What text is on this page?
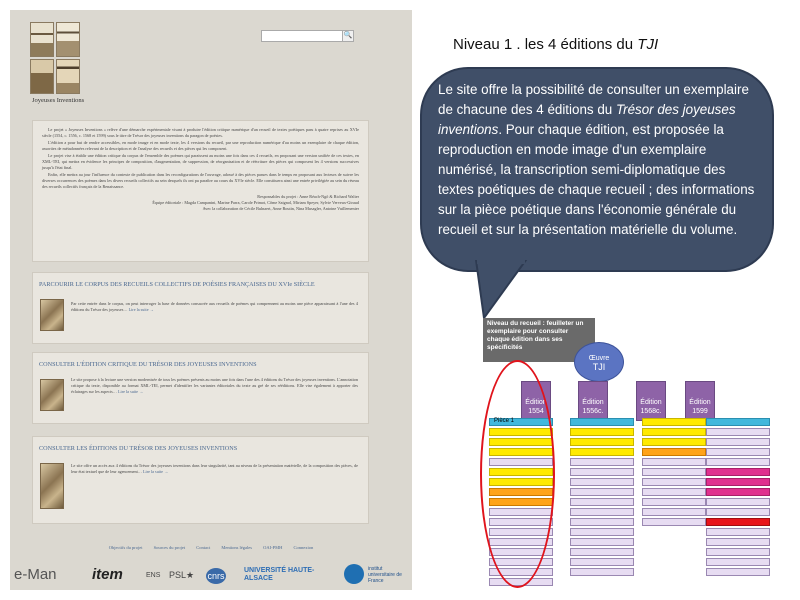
Joyeuses Inventions
🔍

Le projet « Joyeuses Inventions » relève d'une démarche expérimentale visant à produire l'édition critique numérique d'un recueil de textes poétiques paru à quatre reprises au XVIe siècle (1554, c. 1556, c. 1568 et 1599) sous le titre de Trésor des joyeuses inventions du paragon de poésies.

L'édition a pour but de rendre accessibles, en mode image et en mode texte, les 4 versions du recueil, par une reproduction numérique d'au moins un exemplaire de chaque édition, assorties de métadonnées relevant de la description et de l'analyse des recueils et des pièces qui les composent.

Le projet vise à établir une édition critique du corpus de l'ensemble des poèmes qui paraissent au moins une fois dans ces 4 recueils, en proposant une version unifiée de ces textes, en XML-TEI, qui mettra en évidence les principes de composition, d'augmentation, de suppression, de réorganisation et de réécriture des pièces qui composent les 4 versions successives jusqu'à l'état final.

Enfin, elle mettra au jour l'influence du contexte de publication dans les reconfigurations de l'ouvrage, adossé à des pièces parues dans le temps en proposant aux lecteurs de suivre les diverses occurrences des poèmes dans les divers recueils collectifs au sein desquels ils ont pu paraître au cours du XVIe siècle. Elle constituera ainsi une entrée privilégiée au sein du réseau des recueils collectifs français de la Renaissance.

Responsables du projet : Anne Réach-Ngô & Richard Walter
Équipe éditoriale : Magda Campanini, Marine Parra, Carole Primot, Côme Saignol, Miriam Speyer, Sylvie Verveux-Giraud
Avec la collaboration de Cécile Bulnaert, Anne Boutin, Nina Musagler, Antoine Vuillemenier
PARCOURIR LE CORPUS DES RECUEILS COLLECTIFS DE POÉSIES FRANÇAISES DU XVIe SIÈCLE
Par cette entrée dans le corpus, on peut interroger la base de données consacrée aux recueils de poèmes qui comprennent au moins une pièce apparaissant à l'une des 4 éditions du Trésor des joyeuses… Lire la suite →
CONSULTER L'ÉDITION CRITIQUE DU TRÉSOR DES JOYEUSES INVENTIONS
Le site propose à la lecture une version modernisée de tous les poèmes présents au moins une fois dans l'une des 4 éditions du Trésor des joyeuses inventions. L'annotation critique du texte, disponible au format XML-TEI, permet d'identifier les variantes éditoriales du texte au gré de ses rééditions. Elle vise également à apporter des éclairages sur les aspects… Lire la suite →
CONSULTER LES ÉDITIONS DU TRÉSOR DES JOYEUSES INVENTIONS
Le site offre un accès aux 4 éditions du Trésor des joyeuses inventions dans leur singularité, tant au niveau de la présentation matérielle, de la composition des pièces, de leur état textuel que de leur agencement… Lire la suite →
Objectifs du projet Sources du projet Contact Mentions légales OAI-PMH Connexion
e-Man item	ENS PSL★ cnrs
UNIVERSITÉ HAUTE-ALSACE
institut universitaire de France
Niveau 1 . les 4 éditions du TJI
Le site offre la possibilité de consulter un exemplaire de chacune des 4 éditions du Trésor des joyeuses inventions. Pour chaque édition, est proposée la reproduction en mode image d'un exemplaire numérisé, la transcription semi-diplomatique des textes poétiques de chaque recueil ; des informations sur la pièce poétique dans l'économie générale du recueil et sur la présentation matérielle du volume.
Niveau du recueil : feuilleter un exemplaire pour consulter chaque édition dans ses spécificités
Œuvre
TJI
Édition
1554
Édition
1556c.
Édition
1568c.
Édition
1599
Pièce 1
